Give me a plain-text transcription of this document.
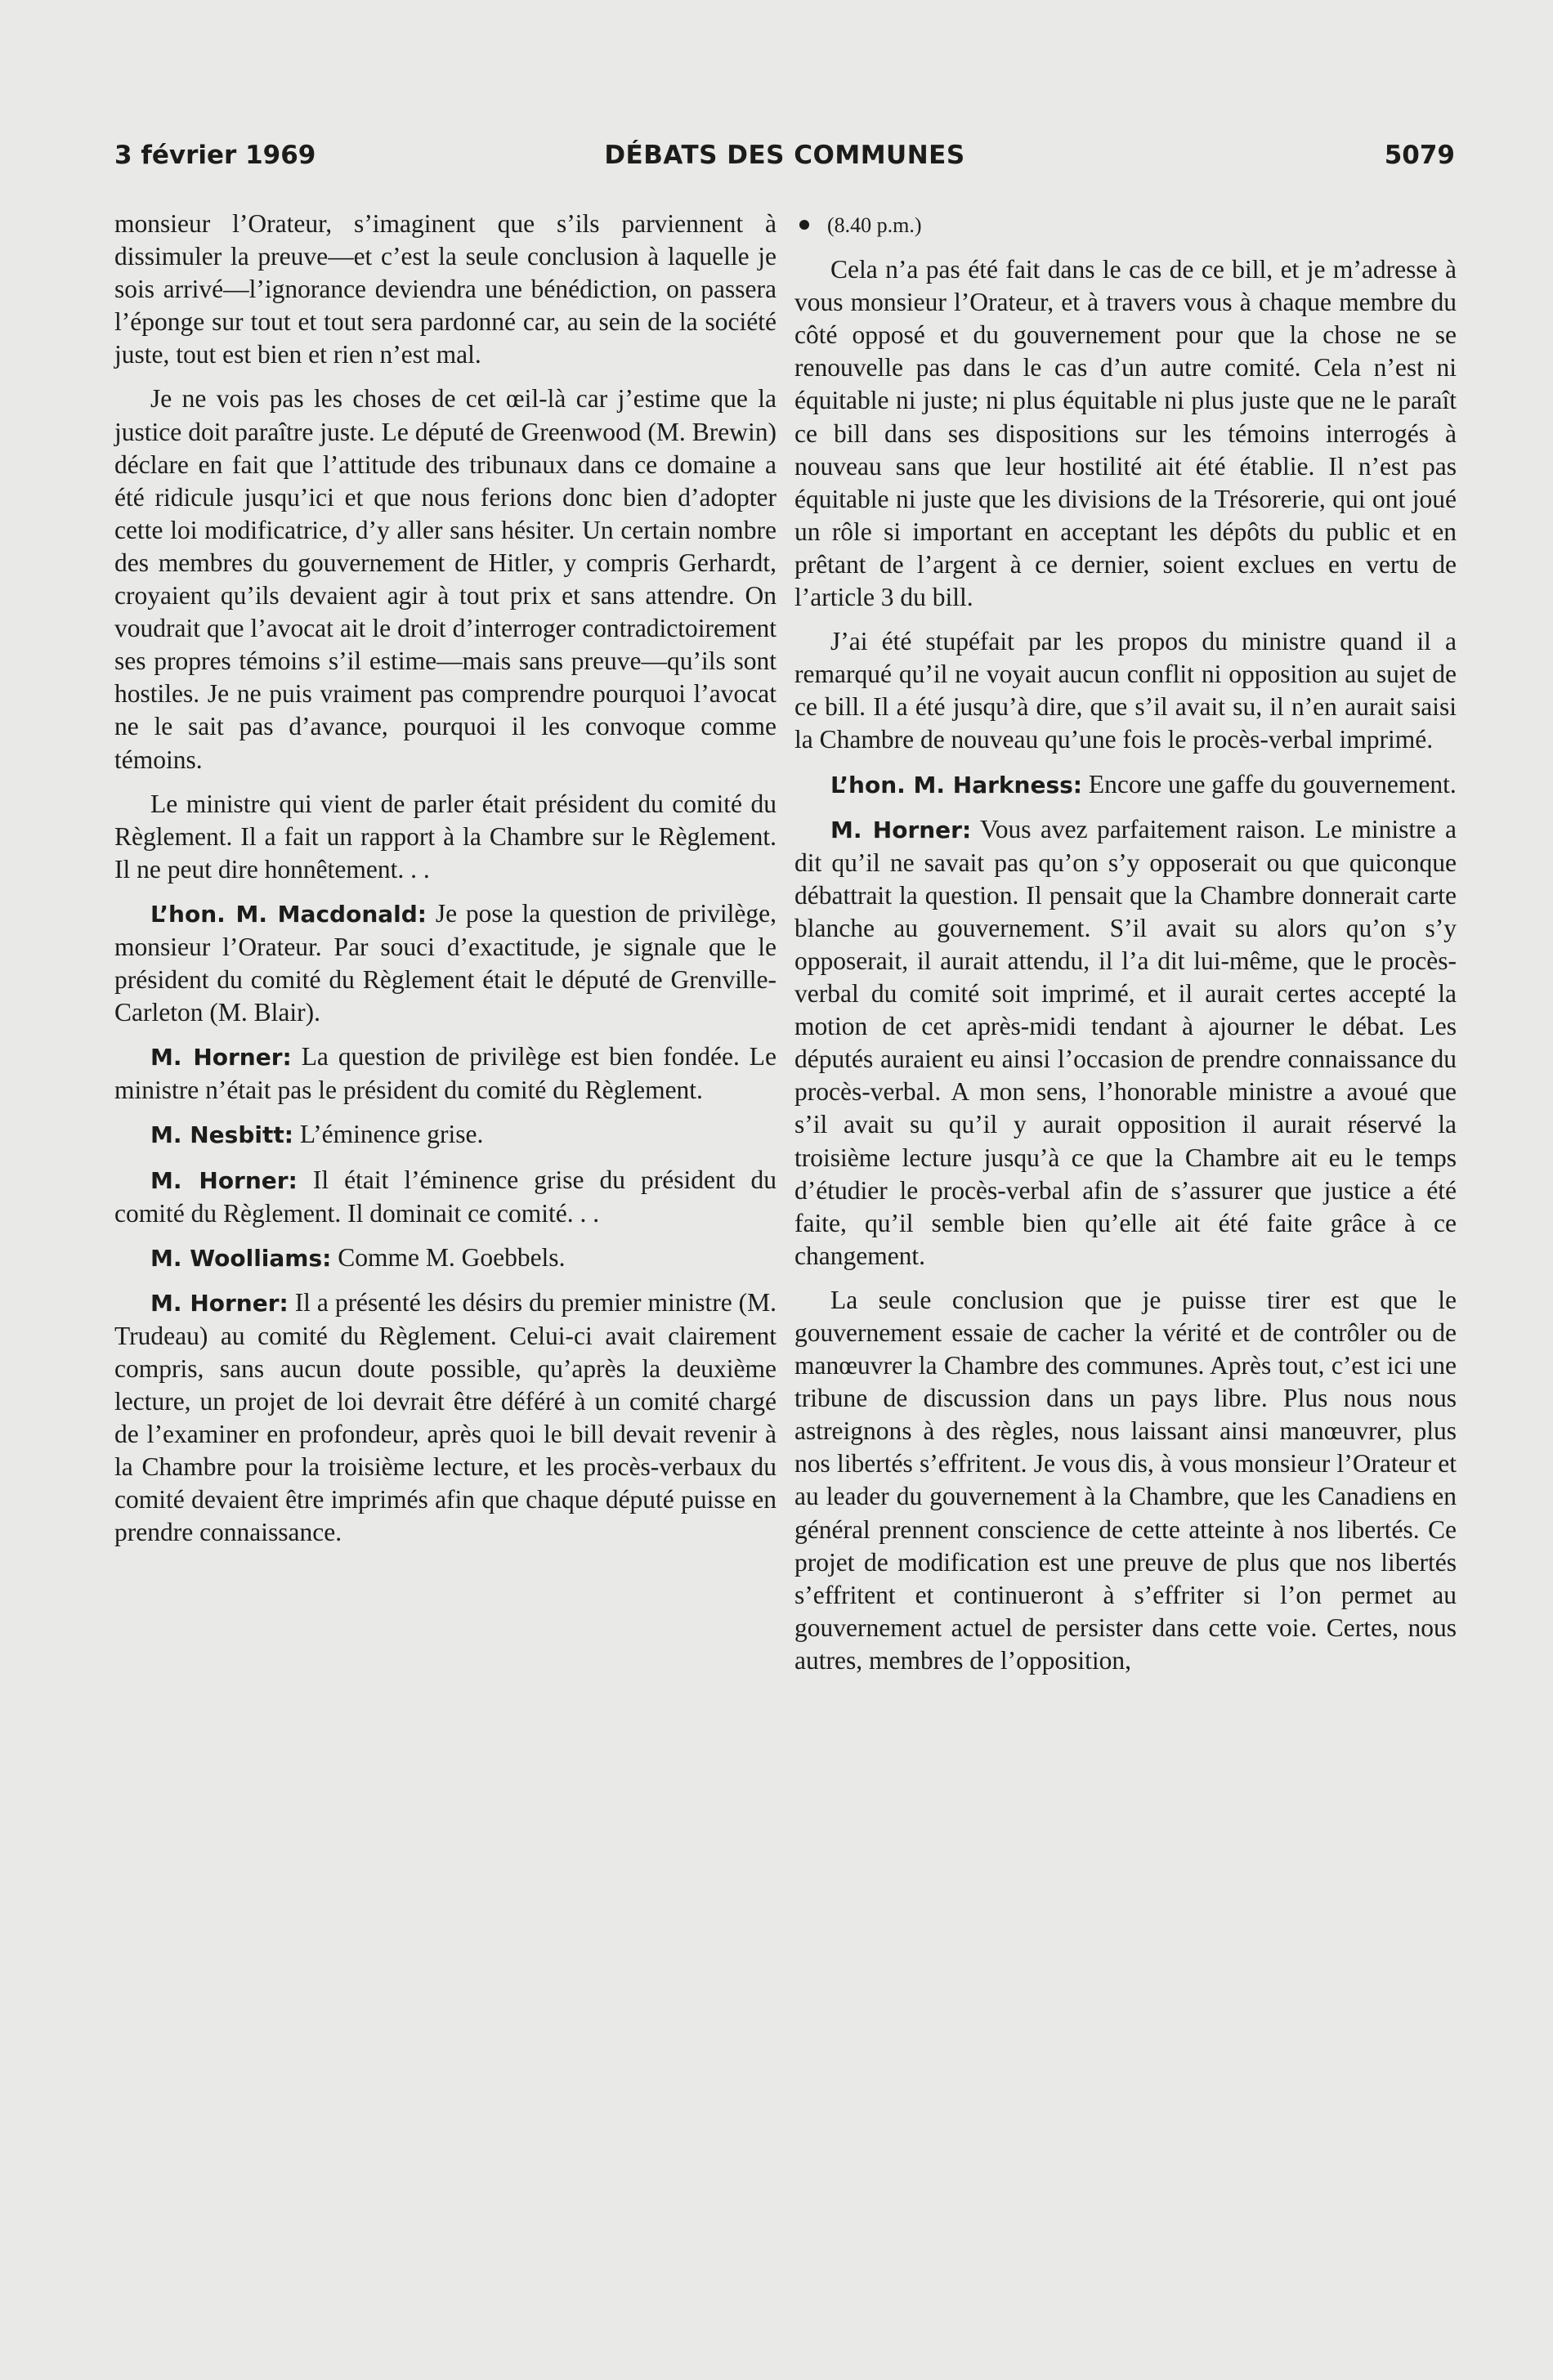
3 février 1969	DÉBATS DES COMMUNES	5079

monsieur l’Orateur, s’imaginent que s’ils parviennent à dissimuler la preuve—et c’est la seule conclusion à laquelle je sois arrivé—l’ignorance deviendra une bénédiction, on passera l’éponge sur tout et tout sera pardonné car, au sein de la société juste, tout est bien et rien n’est mal.

Je ne vois pas les choses de cet œil-là car j’estime que la justice doit paraître juste. Le député de Greenwood (M. Brewin) déclare en fait que l’attitude des tribunaux dans ce domaine a été ridicule jusqu’ici et que nous ferions donc bien d’adopter cette loi modificatrice, d’y aller sans hésiter. Un certain nombre des membres du gouvernement de Hitler, y compris Gerhardt, croyaient qu’ils devaient agir à tout prix et sans attendre. On voudrait que l’avocat ait le droit d’interroger contradictoirement ses propres témoins s’il estime—mais sans preuve—qu’ils sont hostiles. Je ne puis vraiment pas comprendre pourquoi l’avocat ne le sait pas d’avance, pourquoi il les convoque comme témoins.

Le ministre qui vient de parler était président du comité du Règlement. Il a fait un rapport à la Chambre sur le Règlement. Il ne peut dire honnêtement. . .

L’hon. M. Macdonald: Je pose la question de privilège, monsieur l’Orateur. Par souci d’exactitude, je signale que le président du comité du Règlement était le député de Grenville-Carleton (M. Blair).

M. Horner: La question de privilège est bien fondée. Le ministre n’était pas le président du comité du Règlement.

M. Nesbitt: L’éminence grise.

M. Horner: Il était l’éminence grise du président du comité du Règlement. Il dominait ce comité. . .

M. Woolliams: Comme M. Goebbels.

M. Horner: Il a présenté les désirs du premier ministre (M. Trudeau) au comité du Règlement. Celui-ci avait clairement compris, sans aucun doute possible, qu’après la deuxième lecture, un projet de loi devrait être déféré à un comité chargé de l’examiner en profondeur, après quoi le bill devait revenir à la Chambre pour la troisième lecture, et les procès-verbaux du comité devaient être imprimés afin que chaque député puisse en prendre connaissance.

(8.40 p.m.)

Cela n’a pas été fait dans le cas de ce bill, et je m’adresse à vous monsieur l’Orateur, et à travers vous à chaque membre du côté opposé et du gouvernement pour que la chose ne se renouvelle pas dans le cas d’un autre comité. Cela n’est ni équitable ni juste; ni plus équitable ni plus juste que ne le paraît ce bill dans ses dispositions sur les témoins interrogés à nouveau sans que leur hostilité ait été établie. Il n’est pas équitable ni juste que les divisions de la Trésorerie, qui ont joué un rôle si important en acceptant les dépôts du public et en prêtant de l’argent à ce dernier, soient exclues en vertu de l’article 3 du bill.

J’ai été stupéfait par les propos du ministre quand il a remarqué qu’il ne voyait aucun conflit ni opposition au sujet de ce bill. Il a été jusqu’à dire, que s’il avait su, il n’en aurait saisi la Chambre de nouveau qu’une fois le procès-verbal imprimé.

L’hon. M. Harkness: Encore une gaffe du gouvernement.

M. Horner: Vous avez parfaitement raison. Le ministre a dit qu’il ne savait pas qu’on s’y opposerait ou que quiconque débattrait la question. Il pensait que la Chambre donnerait carte blanche au gouvernement. S’il avait su alors qu’on s’y opposerait, il aurait attendu, il l’a dit lui-même, que le procès-verbal du comité soit imprimé, et il aurait certes accepté la motion de cet après-midi tendant à ajourner le débat. Les députés auraient eu ainsi l’occasion de prendre connaissance du procès-verbal. A mon sens, l’honorable ministre a avoué que s’il avait su qu’il y aurait opposition il aurait réservé la troisième lecture jusqu’à ce que la Chambre ait eu le temps d’étudier le procès-verbal afin de s’assurer que justice a été faite, qu’il semble bien qu’elle ait été faite grâce à ce changement.

La seule conclusion que je puisse tirer est que le gouvernement essaie de cacher la vérité et de contrôler ou de manœuvrer la Chambre des communes. Après tout, c’est ici une tribune de discussion dans un pays libre. Plus nous nous astreignons à des règles, nous laissant ainsi manœuvrer, plus nos libertés s’effritent. Je vous dis, à vous monsieur l’Orateur et au leader du gouvernement à la Chambre, que les Canadiens en général prennent conscience de cette atteinte à nos libertés. Ce projet de modification est une preuve de plus que nos libertés s’effritent et continueront à s’effriter si l’on permet au gouvernement actuel de persister dans cette voie. Certes, nous autres, membres de l’opposition,
